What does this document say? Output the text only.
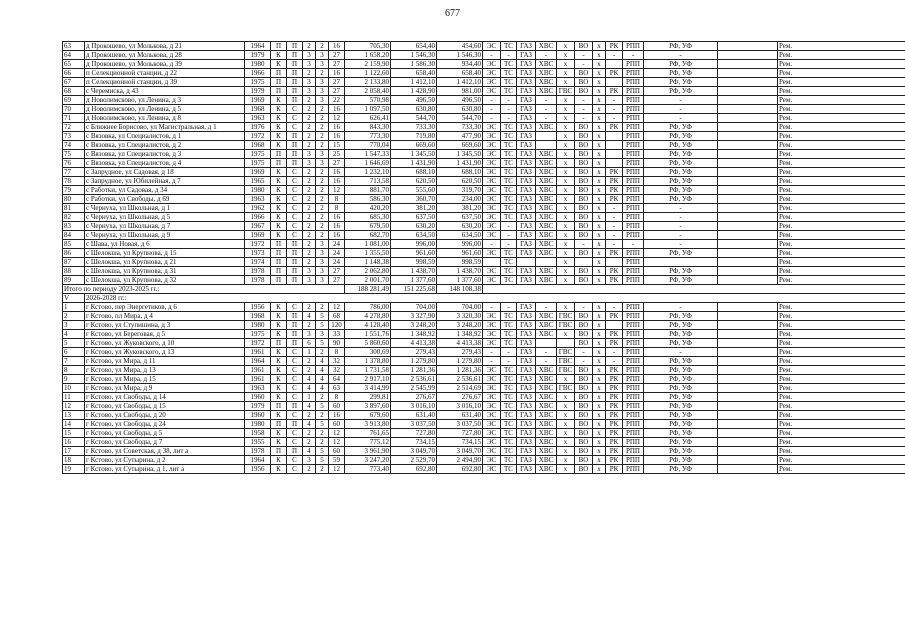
677
63	д Прокошево, ул Молькова, д 21	1964	П	П	2	2	16	705,30	654,40	454,60	ЭС	ТС	ГАЗ	ХВС	х	ВО	х	РК	РПП	РФ, УФ		Рем.
64	д Прокошево, ул Молькова, д 28	1979	К	П	3	3	27	1 658,20	1 546,30	1 546,30	-	-	ГАЗ	-	х	-	х	-	-	-		Рем.
65	д Прокошево, ул Молькова, д 39	1980	К	П	3	3	27	2 159,90	1 586,30	934,40	ЭС	ТС	ГАЗ	ХВС	х	-	х		РПП	РФ, УФ		Рем.
66	п Селекционной станции, д 22	1966	П	П	2	2	16	1 122,60	658,40	658,40	ЭС	ТС	ГАЗ	ХВС	х	ВО	х	РК	РПП	РФ, УФ		Рем.
67	п Селекционной станции, д 39	1975	П	П	3	3	27	2 133,80	1 412,10	1 412,10	ЭС	ТС	ГАЗ	ХВС	х	ВО	х		РПП	РФ, УФ		Рем.
68	с Черемиска, д 43	1979	П	П	3	3	27	2 058,40	1 428,90	981,00	ЭС	ТС	ГАЗ	ХВС	ГВС	ВО	х	РК	РПП	РФ, УФ		Рем.
69	д Новолимсково, ул Ленина, д 3	1969	К	П	2	3	22	570,98	496,50	496,50	-	-	ГАЗ	-	х	-	х	-	РПП	-		Рем.
70	д Новолимсково, ул Ленина, д 5	1968	К	С	2	2	16	1 097,50	630,80	630,80	-	-	ГАЗ	-	х	-	х	-	РПП	-		Рем.
71	д Новолимсково, ул Ленина, д 8	1963	К	С	2	2	12	626,41	544,70	544,70	-	-	ГАЗ	-	х	-	х	-	РПП	-		Рем.
72	с Ближнее Борисово, ул Магистральная, д 1	1976	К	С	2	2	16	843,30	733,30	733,30	ЭС	ТС	ГАЗ	ХВС	х	ВО	х	РК	РПП	РФ, УФ		Рем.
73	с Вязовка, ул Специалистов, д 1	1972	К	П	2	2	16	773,30	719,80	477,90	ЭС	ТС	ГАЗ		х	ВО	х		РПП	РФ, УФ		Рем.
74	с Вязовка, ул Специалистов, д 2	1968	К	П	2	2	15	770,04	669,60	669,60	ЭС	ТС	ГАЗ		х	ВО	х		РПП	РФ, УФ		Рем.
75	с Вязовка, ул Специалистов, д 3	1975	П	П	3	3	25	1 547,33	1 345,50	1 345,50	ЭС	ТС	ГАЗ	ХВС	х	ВО	х		РПП	РФ, УФ		Рем.
76	с Вязовка, ул Специалистов, д 4	1975	П	П	3	3	27	1 646,69	1 431,90	1 431,90	ЭС	ТС	ГАЗ	ХВС	х	ВО	х		РПП	РФ, УФ		Рем.
77	с Запрудное, ул Садовая, д 18	1969	К	С	2	2	16	1 232,10	688,10	688,10	ЭС	ТС	ГАЗ	ХВС	х	ВО	х	РК	РПП	РФ, УФ		Рем.
78	с Запрудное, ул Юбилейная, д 7	1965	К	С	2	2	16	713,58	620,50	620,50	ЭС	ТС	ГАЗ	ХВС	х	ВО	х	РК	РПП	РФ, УФ		Рем.
79	с Работки, ул Садовая, д 34	1980	К	С	2	2	12	881,70	555,60	319,70	ЭС	ТС	ГАЗ	ХВС	х	ВО	х	РК	РПП	РФ, УФ		Рем.
80	с Работки, ул Свободы, д 69	1963	К	С	2	2	8	586,30	360,70	234,00	ЭС	ТС	ГАЗ	ХВС	х	ВО	х	РК	РПП	РФ, УФ		Рем.
81	с Чернуха, ул Школьная, д 1	1962	К	С	2	2	8	420,20	381,20	381,20	ЭС	ТС	ГАЗ	ХВС	х	ВО	х	-	РПП	-		Рем.
82	с Чернуха, ул Школьная, д 5	1966	К	С	2	2	16	685,30	637,50	637,50	ЭС	ТС	ГАЗ	ХВС	х	ВО	х	-	РПП	-		Рем.
83	с Чернуха, ул Школьная, д 7	1967	К	С	2	2	16	679,50	630,20	630,20	ЭС	-	ГАЗ	ХВС	х	ВО	х	-	РПП	-		Рем.
84	с Чернуха, ул Школьная, д 9	1969	К	С	2	2	16	682,70	634,50	634,50	ЭС	-	ГАЗ	ХВС	х	ВО	х	-	РПП	-		Рем.
85	с Шава, ул Новая, д 6	1972	П	П	2	3	24	1 081,00	996,00	996,00	-	-	ГАЗ	ХВС	х	-	х	-	-	-		Рем.
86	с Шелокша, ул Крупнова, д 15	1973	П	П	2	3	24	1 355,50	961,60	961,60	ЭС	ТС	ГАЗ	ХВС	х	ВО	х	РК	РПП	РФ, УФ		Рем.
87	с Шелокша, ул Крупнова, д 21	1974	П	П	2	3	24	1 148,38	998,59	998,59		ТС			х		х		РПП			Рем.
88	с Шелокша, ул Крупнова, д 31	1978	П	П	3	3	27	2 062,80	1 438,70	1 438,70	ЭС	ТС	ГАЗ	ХВС	х	ВО	х	РК	РПП	РФ, УФ		Рем.
89	с Шелокша, ул Крупнова, д 32	1978	П	П	3	3	27	2 001,70	1 377,60	1 377,60	ЭС	ТС	ГАЗ	ХВС	х	ВО	х	РК	РПП	РФ, УФ		Рем.
Итого по периоду 2023-2025 гг.:								188 281,49	151 225,68	148 108,38												
V	2026-2028 гг.:																					
1	г Кстово, пер Энергетиков, д 6	1956	К	С	2	2	12	786,00	704,00	704,00	-	-	ГАЗ	-	х	-	х	-	РПП	-		Рем.
2	г Кстово, пл Мира, д 4	1968	К	П	4	5	68	4 278,80	3 327,90	3 320,30	ЭС	ТС	ГАЗ	ХВС	ГВС	ВО	х	РК	РПП	РФ, УФ		Рем.
3	г Кстово, ул Ступишина, д 3	1980	К	П	2	5	120	4 128,40	3 248,20	3 248,20	ЭС	ТС	ГАЗ	ХВС	ГВС	ВО	х		РПП	РФ, УФ		Рем.
4	г Кстово, ул Береговая, д 5	1975	К	П	3	3	33	1 551,76	1 348,92	1 348,92	ЭС	ТС	ГАЗ	ХВС	х	ВО	х	РК	РПП	РФ, УФ		Рем.
5	г Кстово, ул Жуковского, д 10	1972	П	П	6	5	90	5 860,60	4 413,38	4 413,38	ЭС	ТС	ГАЗ			ВО	х	РК	РПП	РФ, УФ		Рем.
6	г Кстово, ул Жуковского, д 13	1961	К	С	1	2	8	300,69	279,43	279,43	-	-	ГАЗ	-	ГВС	-	х	-	РПП	-		Рем.
7	г Кстово, ул Мира, д 11	1964	К	С	2	4	32	1 378,80	1 279,80	1 279,80	-	-	ГАЗ	-	ГВС	-	х	-	РПП	РФ, УФ		Рем.
8	г Кстово, ул Мира, д 13	1961	К	С	2	4	32	1 731,58	1 281,36	1 281,36	ЭС	ТС	ГАЗ	ХВС	ГВС	ВО	х	РК	РПП	РФ, УФ		Рем.
9	г Кстово, ул Мира, д 15	1961	К	С	4	4	64	2 917,10	2 536,61	2 536,61	ЭС	ТС	ГАЗ	ХВС	х	ВО	х	РК	РПП	РФ, УФ		Рем.
10	г Кстово, ул Мира, д 9	1963	К	С	4	4	63	3 414,99	2 545,99	2 514,69	ЭС	ТС	ГАЗ	ХВС	ГВС	ВО	х	РК	РПП	РФ, УФ		Рем.
11	г Кстово, ул Свободы, д 14	1960	К	С	1	2	8	299,81	276,67	276,67	ЭС	ТС	ГАЗ	ХВС	х	ВО	х	РК	РПП	РФ, УФ		Рем.
12	г Кстово, ул Свободы, д 15	1979	П	П	4	5	60	3 897,60	3 016,10	3 016,10	ЭС	ТС	ГАЗ	ХВС	х	ВО	х	РК	РПП	РФ, УФ		Рем.
13	г Кстово, ул Свободы, д 20	1960	К	С	2	2	16	679,60	631,40	631,40	ЭС	ТС	ГАЗ	ХВС	х	ВО	х	РК	РПП	РФ, УФ		Рем.
14	г Кстово, ул Свободы, д 24	1980	П	П	4	5	60	3 913,80	3 037,50	3 037,50	ЭС	ТС	ГАЗ	ХВС	х	ВО	х	РК	РПП	РФ, УФ		Рем.
15	г Кстово, ул Свободы, д 5	1958	К	С	2	2	12	761,65	727,80	727,80	ЭС	ТС	ГАЗ	ХВС	х	ВО	х	РК	РПП	РФ, УФ		Рем.
16	г Кстово, ул Свободы, д 7	1955	К	С	2	2	12	775,12	734,15	734,15	ЭС	ТС	ГАЗ	ХВС	х	ВО	х	РК	РПП	РФ, УФ		Рем.
17	г Кстово, ул Советская, д 38, лит а	1978	П	П	4	5	60	3 961,90	3 049,70	3 049,70	ЭС	ТС	ГАЗ	ХВС	х	ВО	х	РК	РПП	РФ, УФ		Рем.
18	г Кстово, ул Сутырина, д 2	1964	К	С	3	5	59	3 247,20	2 529,70	2 494,90	ЭС	ТС	ГАЗ	ХВС	х	ВО	х	РК	РПП	РФ, УФ		Рем.
19	г Кстово, ул Сутырина, д 1, лит а	1956	К	С	2	2	12	773,40	692,80	692,80	ЭС	ТС	ГАЗ	ХВС	х	ВО	х	РК	РПП	РФ, УФ		Рем.
